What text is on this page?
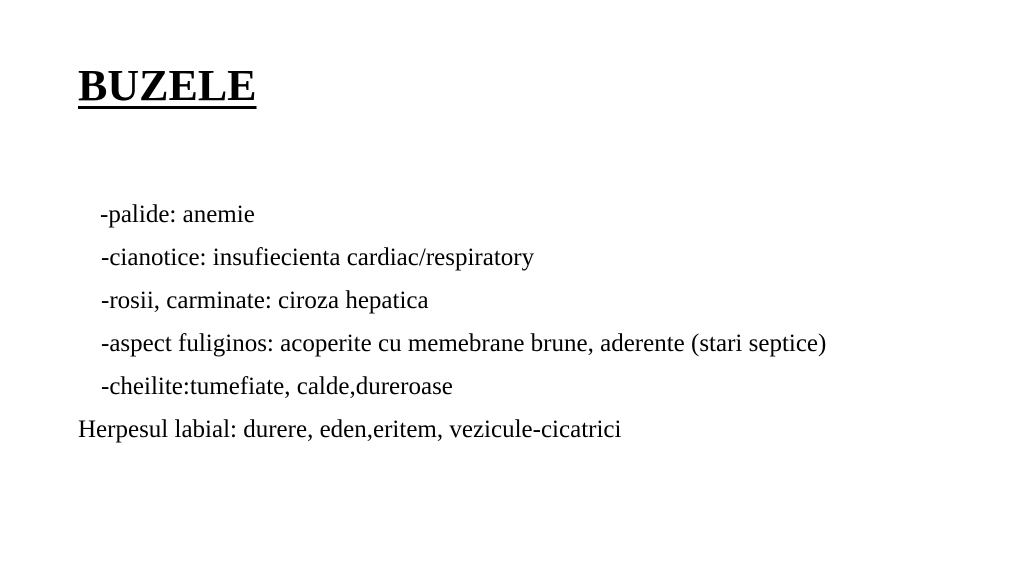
BUZELE

-palide: anemie

-cianotice: insufiecienta cardiac/respiratory

-rosii, carminate: ciroza hepatica

-aspect fuliginos: acoperite cu memebrane brune, aderente (stari septice)

-cheilite:tumefiate, calde,dureroase

Herpesul labial: durere, eden,eritem, vezicule-cicatrici
